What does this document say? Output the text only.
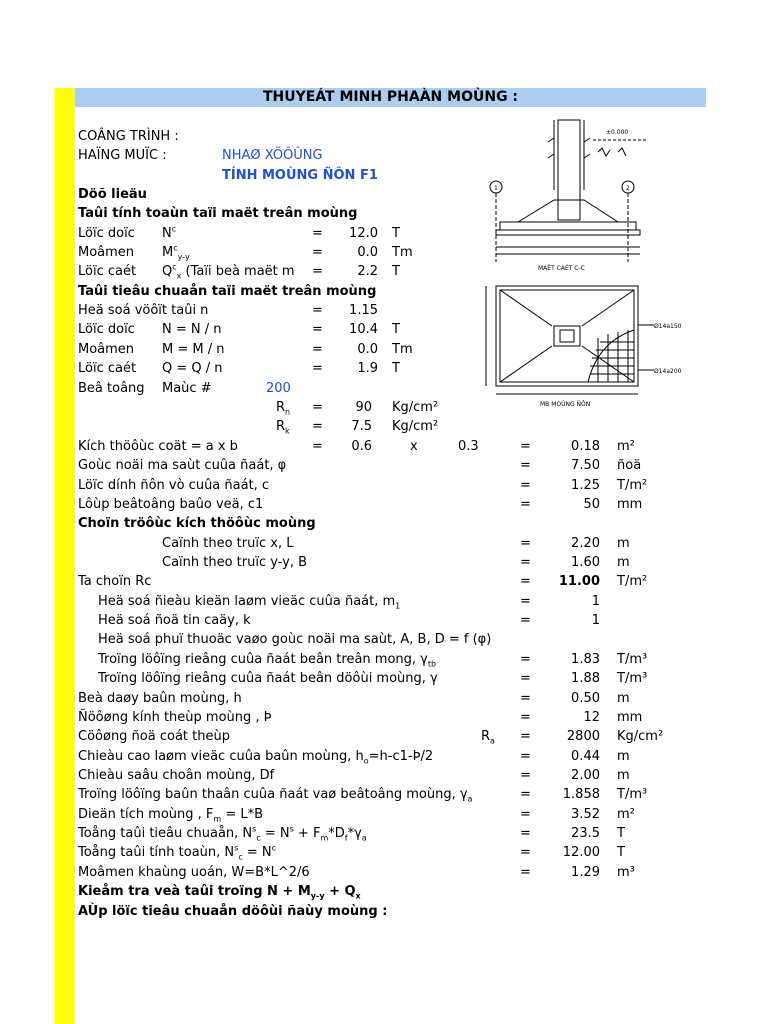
THUYEÁT MINH PHAÀN MOÙNG :
COÂNG TRÌNH :
HAÏNG MUÏC :	NHAØ XÖÔÛNG
TÍNH MOÙNG ÑÔN F1
Döõ lieäu
Taûi tính toaùn taïi maët treân moùng
Löïc doïc $N^c$	=	12.0 T
Moâmen $M^c_{y-y}$	=	0.0 Tm
Löïc caét $Q^c_x$ (Taïi beà maët m =	2.2 T
Taûi tieâu chuaån taïi maët treân moùng
Heä soá vöôït taûi n	=	1.15
Löïc doïc N = N / n	=	10.4 T
Moâmen M = M / n	=	0.0 Tm
Löïc caét Q = Q / n	=	1.9 T
Beâ toâng Maùc #	200
$R_n$ =	90 Kg/cm²
$R_k$ =	7.5 Kg/cm²
Kích thöôùc coät = a x b	=	0.6	x	0.3	=	0.18 m²
Goùc noäi ma saùt cuûa ñaát, φ	=	7.50 ñoä
Löïc dính ñôn vò cuûa ñaát, c	=	1.25 T/m²
Lôùp beâtoâng baûo veä, c1	=	50 mm
Choïn tröôùc kích thöôùc moùng
Caïnh theo truïc x, L	=	2.20 m
Caïnh theo truïc y-y, B	=	1.60 m
Ta choïn Rc	=	11.00 T/m²
Heä soá ñieàu kieän laøm vieäc cuûa ñaát, $m_1$	=	1
Heä soá ñoä tin caäy, k	=	1
Heä soá phuï thuoäc vaøo goùc noäi ma saùt, A, B, D = f (φ)
Troïng löôïng rieâng cuûa ñaát beân treân mong, $\gamma_{tb}$	=	1.83 T/m³
Troïng löôïng rieâng cuûa ñaát beân döôùi moùng, γ	=	1.88 T/m³
Beà daøy baûn moùng, h	=	0.50 m
Ñöôøng kính theùp moùng , Þ	=	12 mm
Cöôøng ñoä coát theùp	$R_a$ =	2800 Kg/cm²
Chieàu cao laøm vieäc cuûa baûn moùng, $h_o=h-c1-Þ/2$	=	0.44 m
Chieàu saâu choân moùng, Df	=	2.00 m
Troïng löôïng baûn thaân cuûa ñaát vaø beâtoâng moùng, $\gamma_a$	=	1.858 T/m³
Dieän tích moùng , $F_m = L*B$	=	3.52 m²
Toång taûi tieâu chuaån, $N^s_c = N^s + F_m*D_f*\gamma_a$	=	23.5 T
Toång taûi tính toaùn, $N^s_c = N^c$	=	12.00 T
Moâmen khaùng uoán, W=B*L^2/6	=	1.29 m³
Kieåm tra veà taûi troïng $N + M_{y-y} + Q_x$
AÙp löïc tieâu chuaån döôùi ñaùy moùng :
±0.000
1	2
MAËT CAÉT C-C
Ø14a150
Ø14a200
MB MOÙNG ÑÔN
